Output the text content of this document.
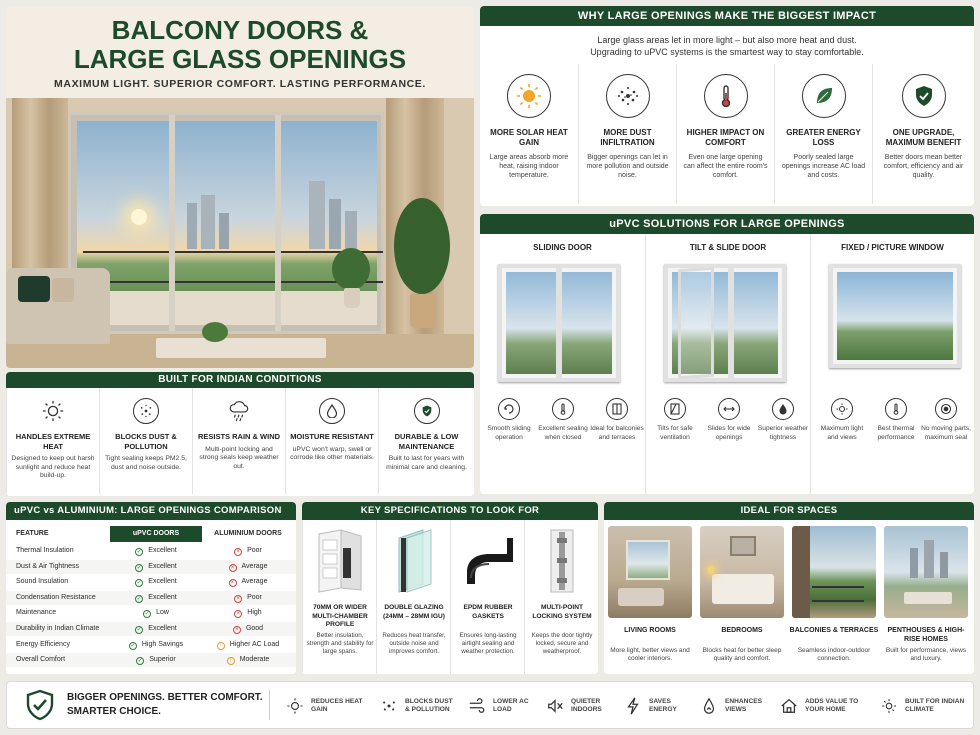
BALCONY DOORS &
LARGE GLASS OPENINGS
MAXIMUM LIGHT. SUPERIOR COMFORT. LASTING PERFORMANCE.
WHY LARGE OPENINGS MAKE THE BIGGEST IMPACT
Large glass areas let in more light – but also more heat and dust.
Upgrading to uPVC systems is the smartest way to stay comfortable.
MORE SOLAR HEAT GAIN
Large areas absorb more heat, raising indoor temperature.
MORE DUST INFILTRATION
Bigger openings can let in more pollution and outside noise.
HIGHER IMPACT ON COMFORT
Even one large opening can affect the entire room's comfort.
GREATER ENERGY LOSS
Poorly sealed large openings increase AC load and costs.
ONE UPGRADE, MAXIMUM BENEFIT
Better doors mean better comfort, efficiency and air quality.
uPVC SOLUTIONS FOR LARGE OPENINGS
SLIDING DOOR
Smooth sliding operation
Excellent sealing when closed
Ideal for balconies and terraces
TILT & SLIDE DOOR
Tilts for safe ventilation
Slides for wide openings
Superior weather tightness
FIXED / PICTURE WINDOW
Maximum light and views
Best thermal performance
No moving parts, maximum seal
BUILT FOR INDIAN CONDITIONS
HANDLES EXTREME HEAT
Designed to keep out harsh sunlight and reduce heat build-up.
BLOCKS DUST & POLLUTION
Tight sealing keeps PM2.5, dust and noise outside.
RESISTS RAIN & WIND
Multi-point locking and strong seals keep weather out.
MOISTURE RESISTANT
uPVC won't warp, swell or corrode like other materials.
DURABLE & LOW MAINTENANCE
Built to last for years with minimal care and cleaning.
uPVC vs ALUMINIUM: LARGE OPENINGS COMPARISON
FEATURE	uPVC DOORS	ALUMINIUM DOORS
Thermal Insulation	✓ Excellent	× Poor
Dust & Air Tightness	✓ Excellent	× Average
Sound Insulation	✓ Excellent	× Average
Condensation Resistance	✓ Excellent	× Poor
Maintenance	✓ Low	× High
Durability in Indian Climate	✓ Excellent	× Good
Energy Efficiency	✓ High Savings	! Higher AC Load
Overall Comfort	✓ Superior	! Moderate
KEY SPECIFICATIONS TO LOOK FOR
70MM OR WIDER MULTI-CHAMBER PROFILE
Better insulation, strength and stability for large spans.
DOUBLE GLAZING (24MM – 28MM IGU)
Reduces heat transfer, outside noise and improves comfort.
EPDM RUBBER GASKETS
Ensures long-lasting airtight sealing and weather protection.
MULTI-POINT LOCKING SYSTEM
Keeps the door tightly locked, secure and weatherproof.
IDEAL FOR SPACES
LIVING ROOMS
More light, better views and cooler interiors.
BEDROOMS
Blocks heat for better sleep quality and comfort.
BALCONIES & TERRACES
Seamless indoor-outdoor connection.
PENTHOUSES & HIGH-RISE HOMES
Built for performance, views and luxury.
BIGGER OPENINGS. BETTER COMFORT.
SMARTER CHOICE.
REDUCES HEAT GAIN
BLOCKS DUST & POLLUTION
LOWER AC LOAD
QUIETER INDOORS
SAVES ENERGY
ENHANCES VIEWS
ADDS VALUE TO YOUR HOME
BUILT FOR INDIAN CLIMATE
